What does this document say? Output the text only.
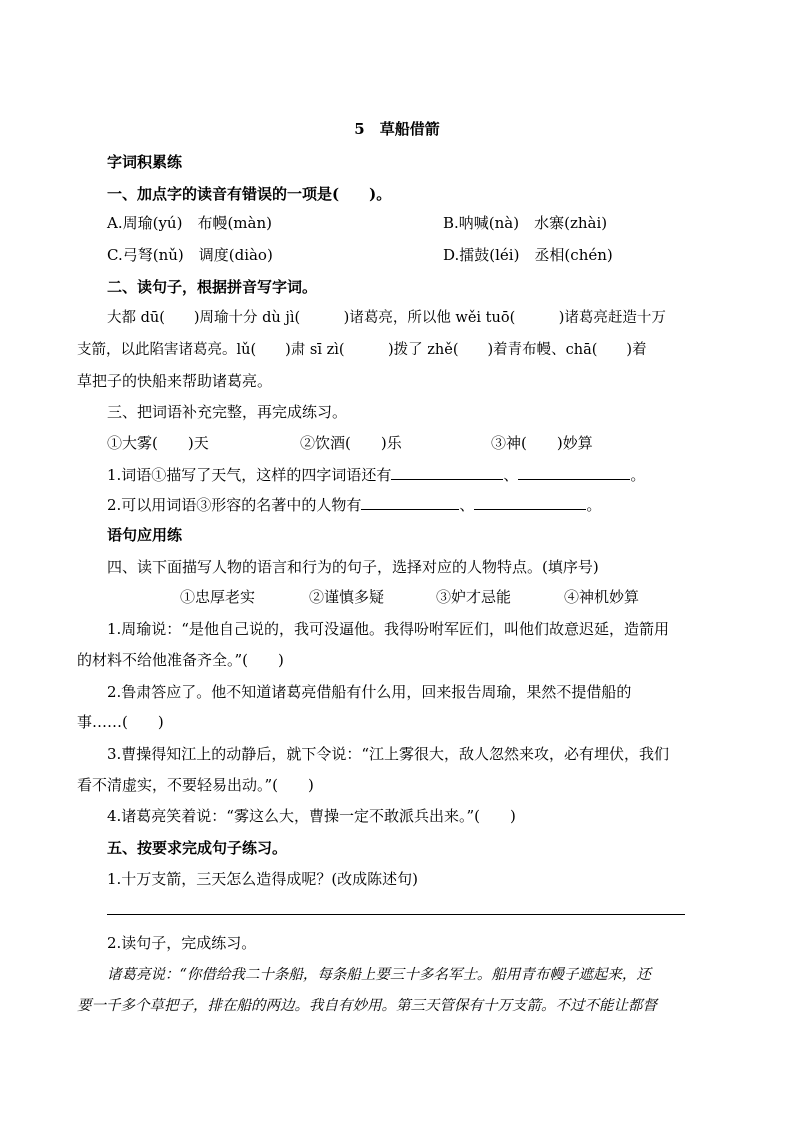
5　草船借箭
字词积累练
一、加点字的读音有错误的一项是(　　)。
A.周瑜(yú)　布幔(màn)	B.呐喊(nà)　水寨(zhài)
C.弓弩(nǔ)　调度(diào)	D.擂鼓(léi)　丞相(chén)
二、读句子，根据拼音写字词。
大都 dū(　　)周瑜十分 dù jì(　　　)诸葛亮，所以他 wěi tuō(　　　)诸葛亮赶造十万
支箭，以此陷害诸葛亮。lǔ(　　)肃 sī zì(　　　)拨了 zhě(　　)着青布幔、chā(　　)着
草把子的快船来帮助诸葛亮。
三、把词语补充完整，再完成练习。
①大雾(　　)天	②饮酒(　　)乐	③神(　　)妙算
1.词语①描写了天气，这样的四字词语还有	、	。
2.可以用词语③形容的名著中的人物有	、	。
语句应用练
四、读下面描写人物的语言和行为的句子，选择对应的人物特点。(填序号)
①忠厚老实	②谨慎多疑	③妒才忌能	④神机妙算
1.周瑜说：“是他自己说的，我可没逼他。我得吩咐军匠们，叫他们故意迟延，造箭用
的材料不给他准备齐全。”(　　)
2.鲁肃答应了。他不知道诸葛亮借船有什么用，回来报告周瑜，果然不提借船的
事……(　　)
3.曹操得知江上的动静后，就下令说：“江上雾很大，敌人忽然来攻，必有埋伏，我们
看不清虚实，不要轻易出动。”(　　)
4.诸葛亮笑着说：“雾这么大，曹操一定不敢派兵出来。”(　　)
五、按要求完成句子练习。
1.十万支箭，三天怎么造得成呢？(改成陈述句)
2.读句子，完成练习。
诸葛亮说：“你借给我二十条船，每条船上要三十多名军士。船用青布幔子遮起来，还
要一千多个草把子，排在船的两边。我自有妙用。第三天管保有十万支箭。不过不能让都督
